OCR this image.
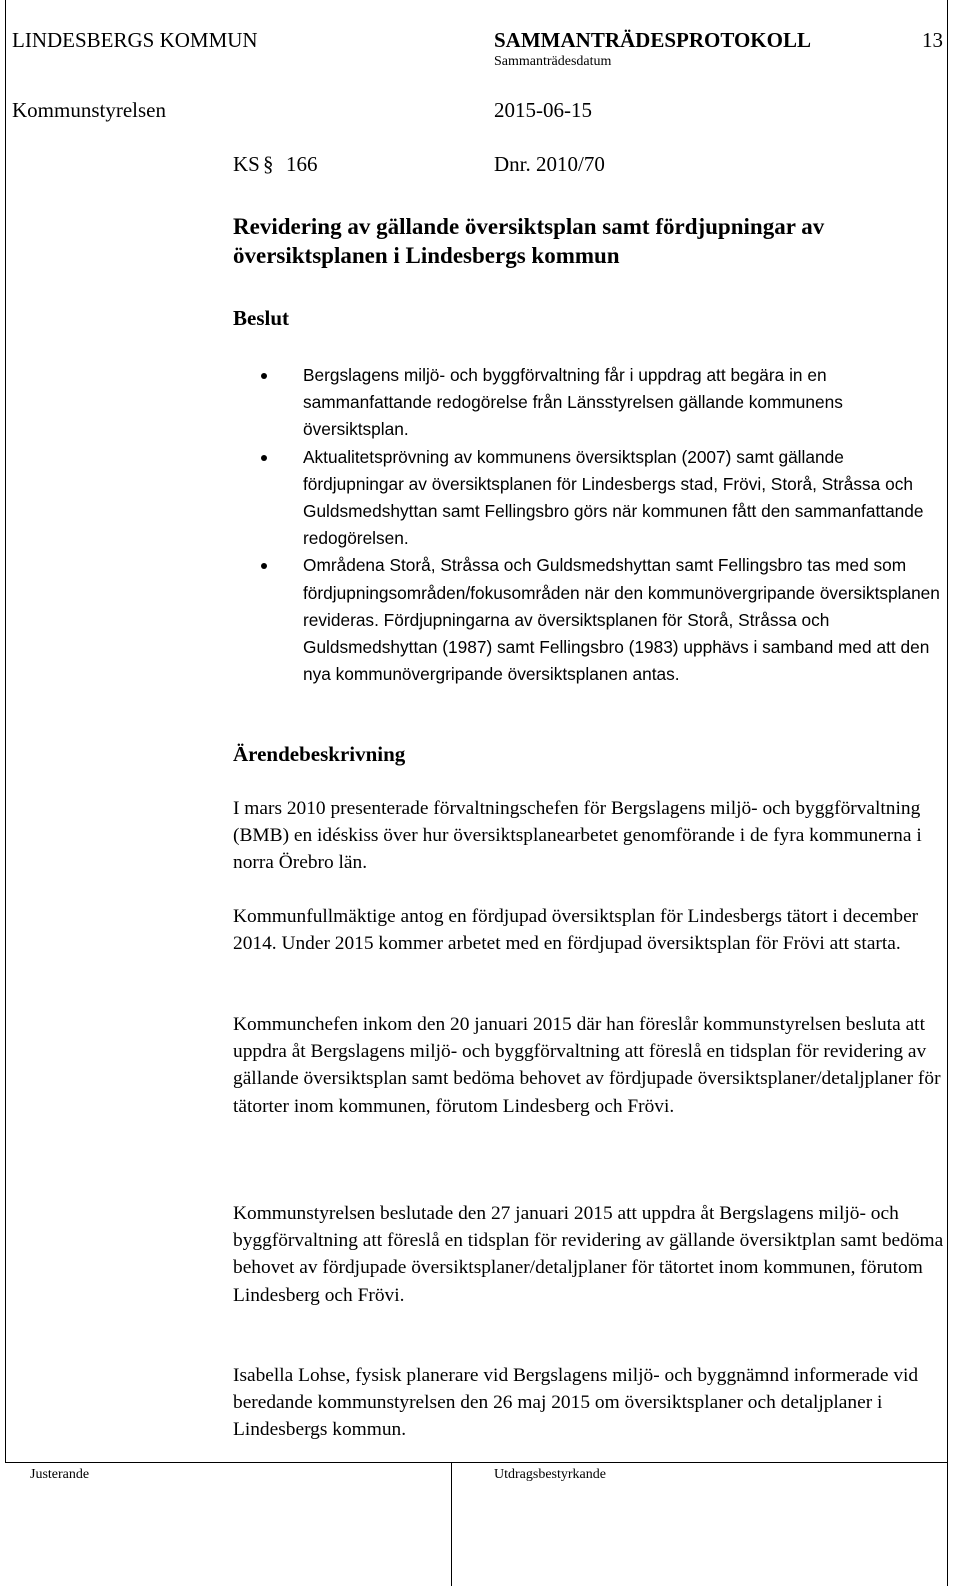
LINDESBERGS KOMMUN	SAMMANTRÄDESPROTOKOLL	13
Sammanträdesdatum
Kommunstyrelsen	2015-06-15
KS § 166	Dnr. 2010/70
Revidering av gällande översiktsplan samt fördjupningar av
översiktsplanen i Lindesbergs kommun
Beslut
Bergslagens miljö- och byggförvaltning får i uppdrag att begära in en sammanfattande redogörelse från Länsstyrelsen gällande kommunens översiktsplan.
Aktualitetsprövning av kommunens översiktsplan (2007) samt gällande fördjupningar av översiktsplanen för Lindesbergs stad, Frövi, Storå, Stråssa och Guldsmedshyttan samt Fellingsbro görs när kommunen fått den sammanfattande redogörelsen.
Områdena Storå, Stråssa och Guldsmedshyttan samt Fellingsbro tas med som fördjupningsområden/fokusområden när den kommunövergripande översiktsplanen revideras. Fördjupningarna av översiktsplanen för Storå, Stråssa och Guldsmedshyttan (1987) samt Fellingsbro (1983) upphävs i samband med att den nya kommunövergripande översiktsplanen antas.
Ärendebeskrivning

I mars 2010 presenterade förvaltningschefen för Bergslagens miljö- och byggförvaltning (BMB) en idéskiss över hur översiktsplanearbetet genomförande i de fyra kommunerna i norra Örebro län.

Kommunfullmäktige antog en fördjupad översiktsplan för Lindesbergs tätort i december 2014. Under 2015 kommer arbetet med en fördjupad översiktsplan för Frövi att starta.

Kommunchefen inkom den 20 januari 2015 där han föreslår kommunstyrelsen besluta att uppdra åt Bergslagens miljö- och byggförvaltning att föreslå en tidsplan för revidering av gällande översiktsplan samt bedöma behovet av fördjupade översiktsplaner/detaljplaner för tätorter inom kommunen, förutom Lindesberg och Frövi.

Kommunstyrelsen beslutade den 27 januari 2015 att uppdra åt Bergslagens miljö- och byggförvaltning att föreslå en tidsplan för revidering av gällande översiktplan samt bedöma behovet av fördjupade översiktsplaner/detaljplaner för tätortet inom kommunen, förutom Lindesberg och Frövi.

Isabella Lohse, fysisk planerare vid Bergslagens miljö- och byggnämnd informerade vid beredande kommunstyrelsen den 26 maj 2015 om översiktsplaner och detaljplaner i Lindesbergs kommun.

Justerande	Utdragsbestyrkande
